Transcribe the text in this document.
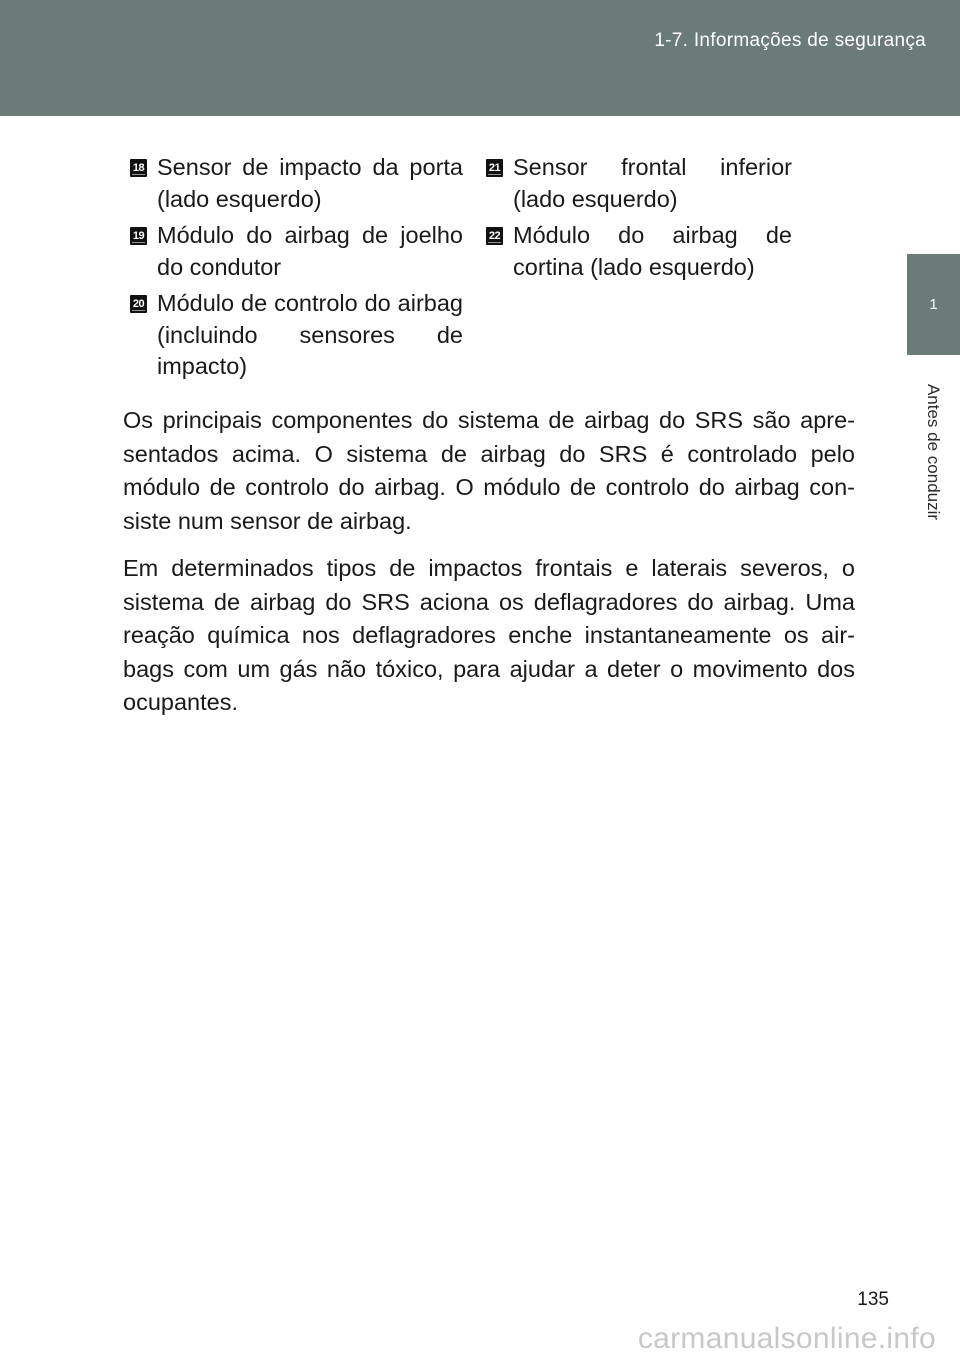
1-7. Informações de segurança
1
Antes de conduzir
18 Sensor de impacto da porta (lado esquerdo)
19 Módulo do airbag de joelho do condutor
20 Módulo de controlo do airbag (incluindo sensores de impacto)
21 Sensor frontal inferior (lado esquerdo)
22 Módulo do airbag de cortina (lado esquerdo)

Os principais componentes do sistema de airbag do SRS são apre-sentados acima. O sistema de airbag do SRS é controlado pelo módulo de controlo do airbag. O módulo de controlo do airbag con-siste num sensor de airbag.

Em determinados tipos de impactos frontais e laterais severos, o sistema de airbag do SRS aciona os deflagradores do airbag. Uma reação química nos deflagradores enche instantaneamente os air-bags com um gás não tóxico, para ajudar a deter o movimento dos ocupantes.

135
carmanualsonline.info
